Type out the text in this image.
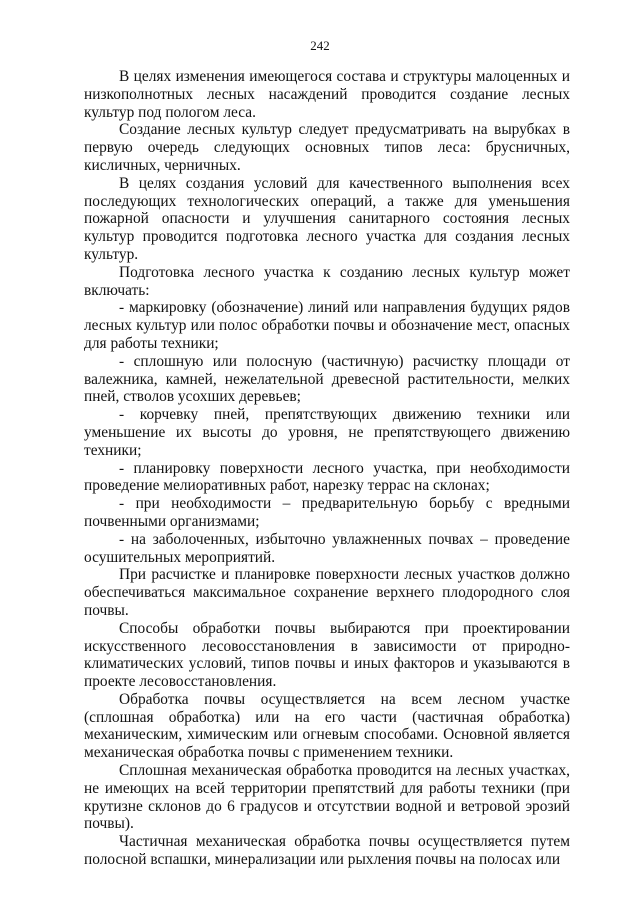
242

В целях изменения имеющегося состава и структуры малоценных и низкополнотных лесных насаждений проводится создание лесных культур под пологом леса.

Создание лесных культур следует предусматривать на вырубках в первую очередь следующих основных типов леса: брусничных, кисличных, черничных.

В целях создания условий для качественного выполнения всех последующих технологических операций, а также для уменьшения пожарной опасности и улучшения санитарного состояния лесных культур проводится подготовка лесного участка для создания лесных культур.

Подготовка лесного участка к созданию лесных культур может включать:

- маркировку (обозначение) линий или направления будущих рядов лесных культур или полос обработки почвы и обозначение мест, опасных для работы техники;

- сплошную или полосную (частичную) расчистку площади от валежника, камней, нежелательной древесной растительности, мелких пней, стволов усохших деревьев;

- корчевку пней, препятствующих движению техники или уменьшение их высоты до уровня, не препятствующего движению техники;

- планировку поверхности лесного участка, при необходимости проведение мелиоративных работ, нарезку террас на склонах;

- при необходимости – предварительную борьбу с вредными почвенными организмами;

- на заболоченных, избыточно увлажненных почвах – проведение осушительных мероприятий.

При расчистке и планировке поверхности лесных участков должно обеспечиваться максимальное сохранение верхнего плодородного слоя почвы.

Способы обработки почвы выбираются при проектировании искусственного лесовосстановления в зависимости от природно-климатических условий, типов почвы и иных факторов и указываются в проекте лесовосстановления.

Обработка почвы осуществляется на всем лесном участке (сплошная обработка) или на его части (частичная обработка) механическим, химическим или огневым способами. Основной является механическая обработка почвы с применением техники.

Сплошная механическая обработка проводится на лесных участках, не имеющих на всей территории препятствий для работы техники (при крутизне склонов до 6 градусов и отсутствии водной и ветровой эрозий почвы).

Частичная механическая обработка почвы осуществляется путем полосной вспашки, минерализации или рыхления почвы на полосах или
